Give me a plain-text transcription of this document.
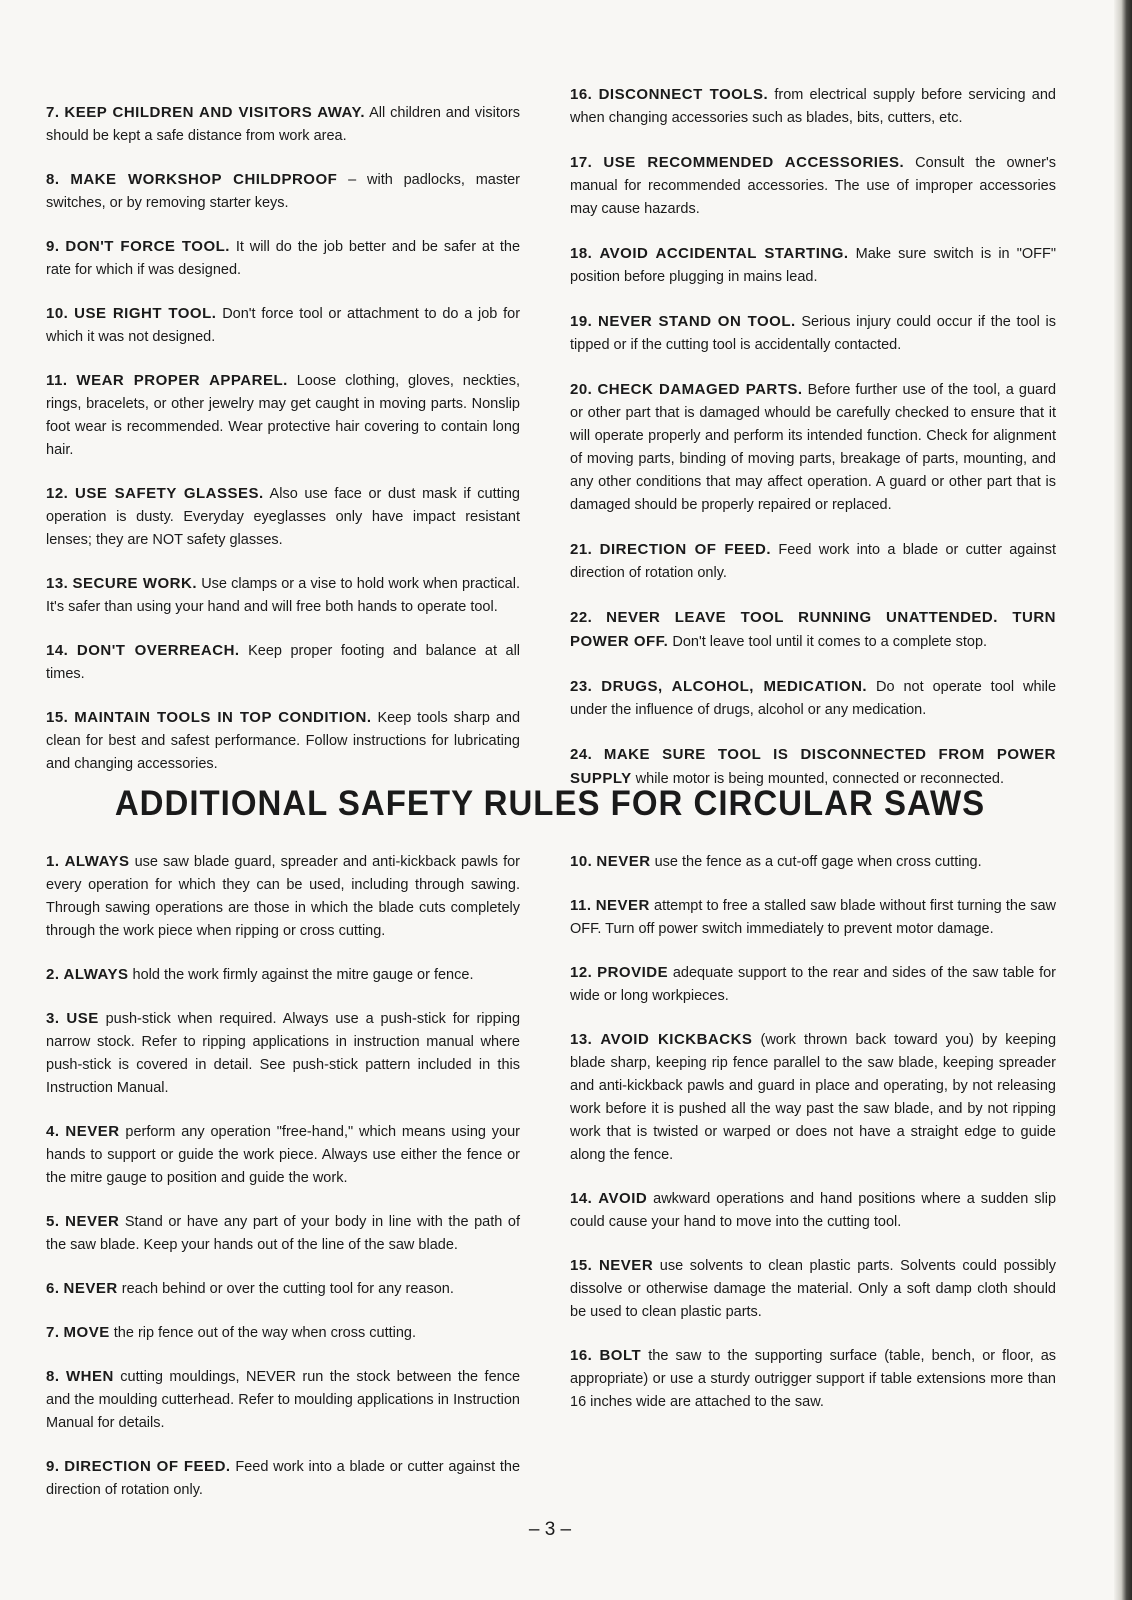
7. KEEP CHILDREN AND VISITORS AWAY. All children and visitors should be kept a safe distance from work area.

8. MAKE WORKSHOP CHILDPROOF – with padlocks, master switches, or by removing starter keys.

9. DON'T FORCE TOOL. It will do the job better and be safer at the rate for which if was designed.

10. USE RIGHT TOOL. Don't force tool or attachment to do a job for which it was not designed.

11. WEAR PROPER APPAREL. Loose clothing, gloves, neckties, rings, bracelets, or other jewelry may get caught in moving parts. Nonslip foot wear is recommended. Wear protective hair covering to contain long hair.

12. USE SAFETY GLASSES. Also use face or dust mask if cutting operation is dusty. Everyday eyeglasses only have impact resistant lenses; they are NOT safety glasses.

13. SECURE WORK. Use clamps or a vise to hold work when practical. It's safer than using your hand and will free both hands to operate tool.

14. DON'T OVERREACH. Keep proper footing and balance at all times.

15. MAINTAIN TOOLS IN TOP CONDITION. Keep tools sharp and clean for best and safest performance. Follow instructions for lubricating and changing accessories.

16. DISCONNECT TOOLS. from electrical supply before servicing and when changing accessories such as blades, bits, cutters, etc.

17. USE RECOMMENDED ACCESSORIES. Consult the owner's manual for recommended accessories. The use of improper accessories may cause hazards.

18. AVOID ACCIDENTAL STARTING. Make sure switch is in "OFF" position before plugging in mains lead.

19. NEVER STAND ON TOOL. Serious injury could occur if the tool is tipped or if the cutting tool is accidentally contacted.

20. CHECK DAMAGED PARTS. Before further use of the tool, a guard or other part that is damaged whould be carefully checked to ensure that it will operate properly and perform its intended function. Check for alignment of moving parts, binding of moving parts, breakage of parts, mounting, and any other conditions that may affect operation. A guard or other part that is damaged should be properly repaired or replaced.

21. DIRECTION OF FEED. Feed work into a blade or cutter against direction of rotation only.

22. NEVER LEAVE TOOL RUNNING UNATTENDED. TURN POWER OFF. Don't leave tool until it comes to a complete stop.

23. DRUGS, ALCOHOL, MEDICATION. Do not operate tool while under the influence of drugs, alcohol or any medication.

24. MAKE SURE TOOL IS DISCONNECTED FROM POWER SUPPLY while motor is being mounted, connected or reconnected.

ADDITIONAL SAFETY RULES FOR CIRCULAR SAWS

1. ALWAYS use saw blade guard, spreader and anti-kickback pawls for every operation for which they can be used, including through sawing. Through sawing operations are those in which the blade cuts completely through the work piece when ripping or cross cutting.

2. ALWAYS hold the work firmly against the mitre gauge or fence.

3. USE push-stick when required. Always use a push-stick for ripping narrow stock. Refer to ripping applications in instruction manual where push-stick is covered in detail. See push-stick pattern included in this Instruction Manual.

4. NEVER perform any operation "free-hand," which means using your hands to support or guide the work piece. Always use either the fence or the mitre gauge to position and guide the work.

5. NEVER Stand or have any part of your body in line with the path of the saw blade. Keep your hands out of the line of the saw blade.

6. NEVER reach behind or over the cutting tool for any reason.

7. MOVE the rip fence out of the way when cross cutting.

8. WHEN cutting mouldings, NEVER run the stock between the fence and the moulding cutterhead. Refer to moulding applications in Instruction Manual for details.

9. DIRECTION OF FEED. Feed work into a blade or cutter against the direction of rotation only.

10. NEVER use the fence as a cut-off gage when cross cutting.

11. NEVER attempt to free a stalled saw blade without first turning the saw OFF. Turn off power switch immediately to prevent motor damage.

12. PROVIDE adequate support to the rear and sides of the saw table for wide or long workpieces.

13. AVOID KICKBACKS (work thrown back toward you) by keeping blade sharp, keeping rip fence parallel to the saw blade, keeping spreader and anti-kickback pawls and guard in place and operating, by not releasing work before it is pushed all the way past the saw blade, and by not ripping work that is twisted or warped or does not have a straight edge to guide along the fence.

14. AVOID awkward operations and hand positions where a sudden slip could cause your hand to move into the cutting tool.

15. NEVER use solvents to clean plastic parts. Solvents could possibly dissolve or otherwise damage the material. Only a soft damp cloth should be used to clean plastic parts.

16. BOLT the saw to the supporting surface (table, bench, or floor, as appropriate) or use a sturdy outrigger support if table extensions more than 16 inches wide are attached to the saw.

– 3 –
